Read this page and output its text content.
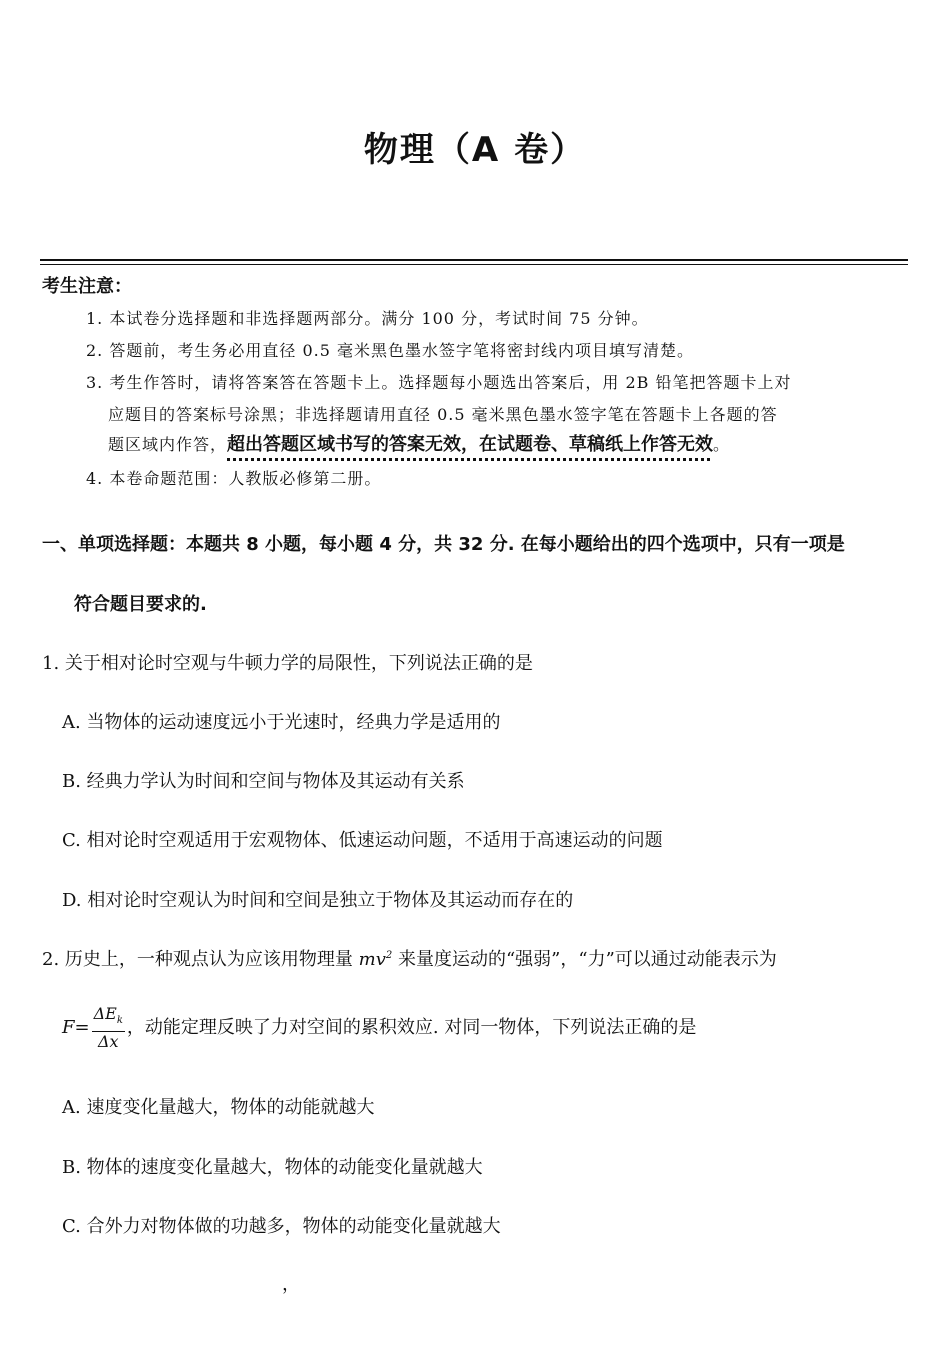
物理（A 卷）
考生注意：
1. 本试卷分选择题和非选择题两部分。满分 100 分，考试时间 75 分钟。
2. 答题前，考生务必用直径 0.5 毫米黑色墨水签字笔将密封线内项目填写清楚。
3. 考生作答时，请将答案答在答题卡上。选择题每小题选出答案后，用 2B 铅笔把答题卡上对
应题目的答案标号涂黑；非选择题请用直径 0.5 毫米黑色墨水签字笔在答题卡上各题的答
题区域内作答，超出答题区域书写的答案无效，在试题卷、草稿纸上作答无效。
4. 本卷命题范围：人教版必修第二册。
一、单项选择题：本题共 8 小题，每小题 4 分，共 32 分. 在每小题给出的四个选项中，只有一项是
符合题目要求的.
1. 关于相对论时空观与牛顿力学的局限性，下列说法正确的是
A. 当物体的运动速度远小于光速时，经典力学是适用的
B. 经典力学认为时间和空间与物体及其运动有关系
C. 相对论时空观适用于宏观物体、低速运动问题，不适用于高速运动的问题
D. 相对论时空观认为时间和空间是独立于物体及其运动而存在的
2. 历史上，一种观点认为应该用物理量 $mv^2$ 来量度运动的“强弱”，“力”可以通过动能表示为
$F= \frac{\Delta E_k}{\Delta x}$ ，动能定理反映了力对空间的累积效应. 对同一物体，下列说法正确的是
A. 速度变化量越大，物体的动能就越大
B. 物体的速度变化量越大，物体的动能变化量就越大
C. 合外力对物体做的功越多，物体的动能变化量就越大
，
